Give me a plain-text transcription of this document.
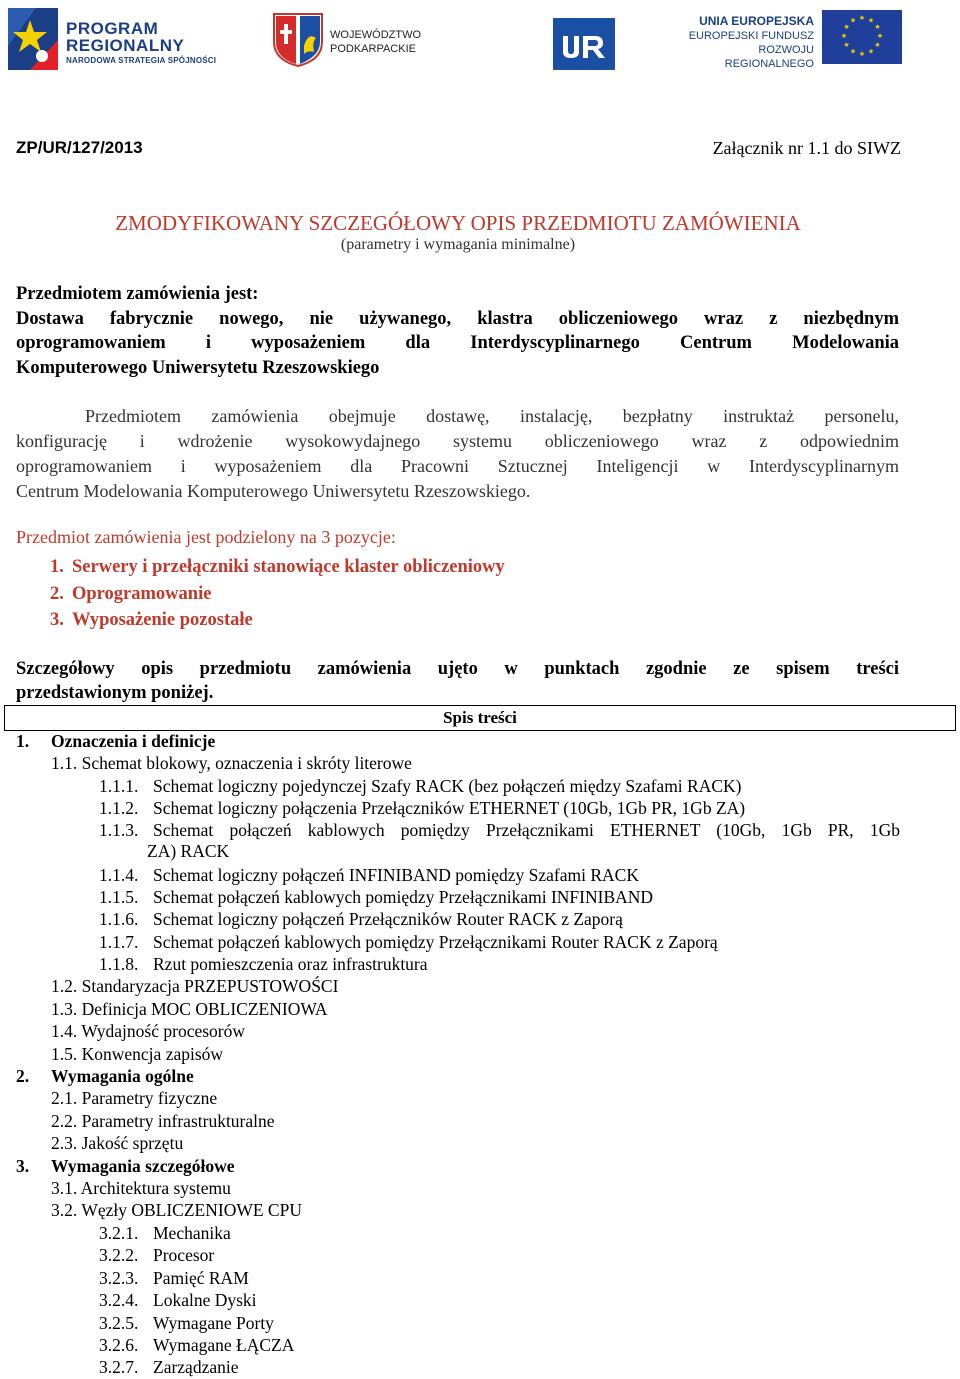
PROGRAM
REGIONALNY
NARODOWA STRATEGIA SPÓJNOŚCI
WOJEWÓDZTWO
PODKARPACKIE
UNIA EUROPEJSKA
EUROPEJSKI FUNDUSZ
ROZWOJU REGIONALNEGO
★ ★
★
★
★
★
★
★
★
★
★
★

ZP/UR/127/2013	Załącznik nr 1.1 do SIWZ

ZMODYFIKOWANY SZCZEGÓŁOWY OPIS PRZEDMIOTU ZAMÓWIENIA

(parametry i wymagania minimalne)

Przedmiotem zamówienia jest:
Dostawa fabrycznie nowego, nie używanego, klastra obliczeniowego wraz z niezbędnym
oprogramowaniem i wyposażeniem dla Interdyscyplinarnego Centrum Modelowania
Komputerowego Uniwersytetu Rzeszowskiego
Przedmiotem zamówienia obejmuje dostawę, instalację, bezpłatny instruktaż personelu,
konfigurację i wdrożenie wysokowydajnego systemu obliczeniowego wraz z odpowiednim
oprogramowaniem i wyposażeniem dla Pracowni Sztucznej Inteligencji w Interdyscyplinarnym
Centrum Modelowania Komputerowego Uniwersytetu Rzeszowskiego.

Przedmiot zamówienia jest podzielony na 3 pozycje:

1. Serwery i przełączniki stanowiące klaster obliczeniowy
2. Oprogramowanie
3. Wyposażenie pozostałe
Szczegółowy opis przedmiotu zamówienia ujęto w punktach zgodnie ze spisem treści
przedstawionym poniżej.
Spis treści
1. Oznaczenia i definicje
1.1. Schemat blokowy, oznaczenia i skróty literowe
1.1.1. Schemat logiczny pojedynczej Szafy RACK (bez połączeń między Szafami RACK)
1.1.2. Schemat logiczny połączenia Przełączników ETHERNET (10Gb, 1Gb PR, 1Gb ZA)
1.1.3. Schemat połączeń kablowych pomiędzy Przełącznikami ETHERNET (10Gb, 1Gb PR, 1Gb
ZA) RACK
1.1.4. Schemat logiczny połączeń INFINIBAND pomiędzy Szafami RACK
1.1.5. Schemat połączeń kablowych pomiędzy Przełącznikami INFINIBAND
1.1.6. Schemat logiczny połączeń Przełączników Router RACK z Zaporą
1.1.7. Schemat połączeń kablowych pomiędzy Przełącznikami Router RACK z Zaporą
1.1.8. Rzut pomieszczenia oraz infrastruktura
1.2. Standaryzacja PRZEPUSTOWOŚCI
1.3. Definicja MOC OBLICZENIOWA
1.4. Wydajność procesorów
1.5. Konwencja zapisów
2. Wymagania ogólne
2.1. Parametry fizyczne
2.2. Parametry infrastrukturalne
2.3. Jakość sprzętu
3. Wymagania szczegółowe
3.1. Architektura systemu
3.2. Węzły OBLICZENIOWE CPU
3.2.1. Mechanika
3.2.2. Procesor
3.2.3. Pamięć RAM
3.2.4. Lokalne Dyski
3.2.5. Wymagane Porty
3.2.6. Wymagane ŁĄCZA
3.2.7. Zarządzanie
